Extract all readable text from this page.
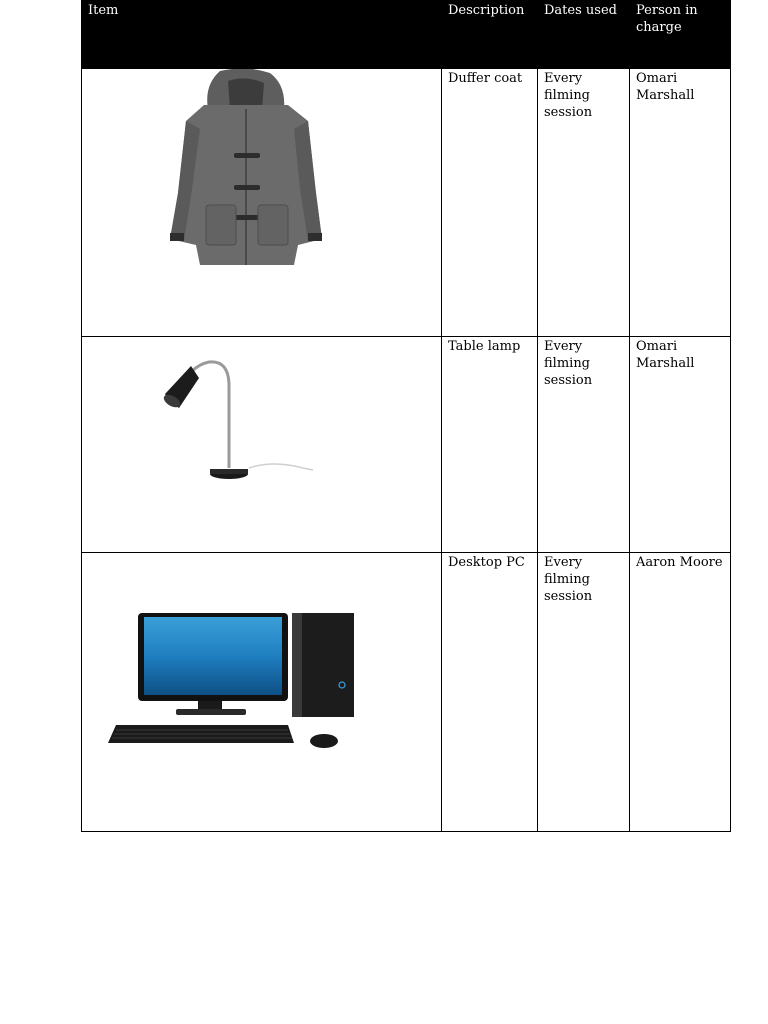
Item	Description	Dates used	Person in charge

	Duffer coat	Every filming session	Omari Marshall

	Table lamp	Every filming session	Omari Marshall

	Desktop PC	Every filming session	Aaron Moore
